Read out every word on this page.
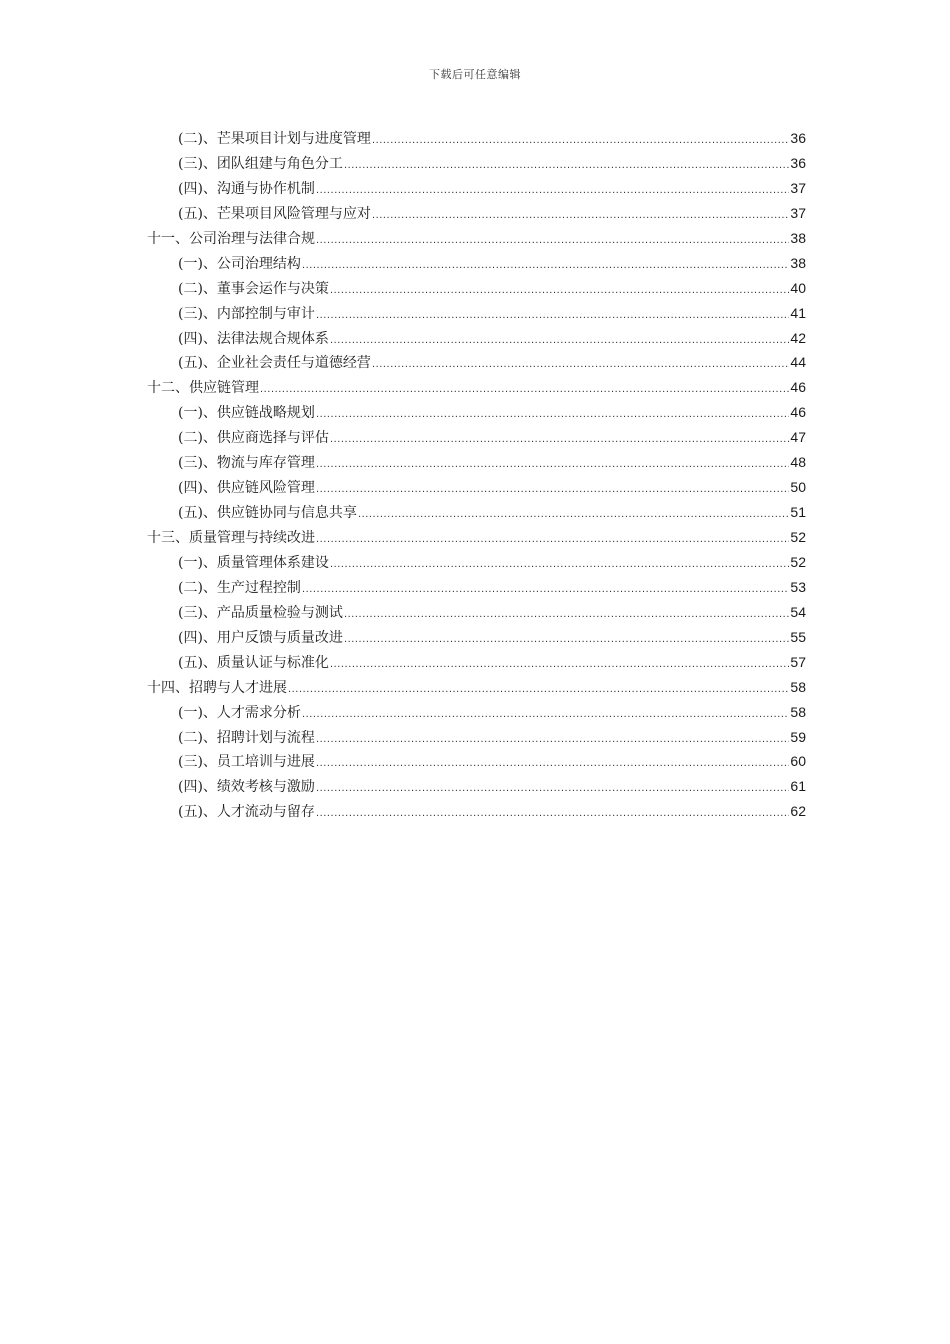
下载后可任意编辑
(二)、芒果项目计划与进度管理 .....	36
(三)、团队组建与角色分工 .....	36
(四)、沟通与协作机制 .....	37
(五)、芒果项目风险管理与应对 .....	37
十一、公司治理与法律合规 .....	38
(一)、公司治理结构 .....	38
(二)、董事会运作与决策 .....	40
(三)、内部控制与审计 .....	41
(四)、法律法规合规体系 .....	42
(五)、企业社会责任与道德经营 .....	44
十二、供应链管理 .....	46
(一)、供应链战略规划 .....	46
(二)、供应商选择与评估 .....	47
(三)、物流与库存管理 .....	48
(四)、供应链风险管理 .....	50
(五)、供应链协同与信息共享 .....	51
十三、质量管理与持续改进 .....	52
(一)、质量管理体系建设 .....	52
(二)、生产过程控制 .....	53
(三)、产品质量检验与测试 .....	54
(四)、用户反馈与质量改进 .....	55
(五)、质量认证与标准化 .....	57
十四、招聘与人才进展 .....	58
(一)、人才需求分析 .....	58
(二)、招聘计划与流程 .....	59
(三)、员工培训与进展 .....	60
(四)、绩效考核与激励 .....	61
(五)、人才流动与留存 .....	62
